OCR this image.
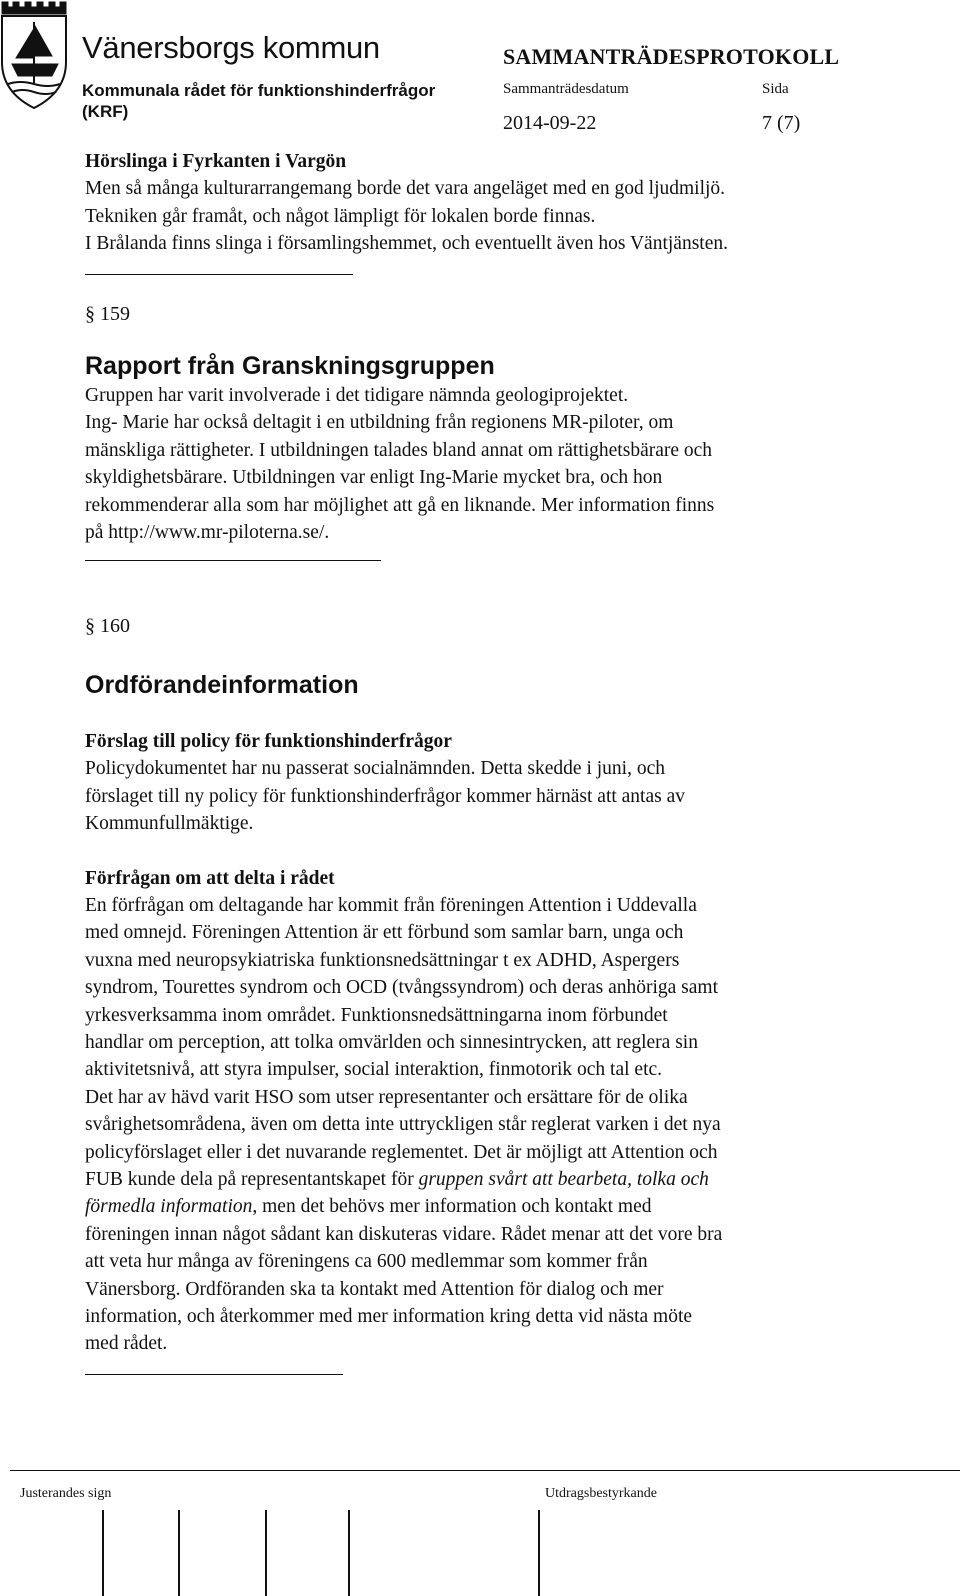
Vänersborgs kommun
Kommunala rådet för funktionshinderfrågor (KRF)
SAMMANTRÄDESPROTOKOLL
Sammanträdesdatum	Sida
2014-09-22	7 (7)

Hörslinga i Fyrkanten i Vargön

Men så många kulturarrangemang borde det vara angeläget med en god ljudmiljö.

Tekniken går framåt, och något lämpligt för lokalen borde finnas.

I Brålanda finns slinga i församlingshemmet, och eventuellt även hos Väntjänsten.

§ 159

Rapport från Granskningsgruppen

Gruppen har varit involverade i det tidigare nämnda geologiprojektet.

Ing- Marie har också deltagit i en utbildning från regionens MR-piloter, om

mänskliga rättigheter. I utbildningen talades bland annat om rättighetsbärare och

skyldighetsbärare. Utbildningen var enligt Ing-Marie mycket bra, och hon

rekommenderar alla som har möjlighet att gå en liknande. Mer information finns

på http://www.mr-piloterna.se/.

§ 160

Ordförandeinformation

Förslag till policy för funktionshinderfrågor

Policydokumentet har nu passerat socialnämnden. Detta skedde i juni, och

förslaget till ny policy för funktionshinderfrågor kommer härnäst att antas av

Kommunfullmäktige.

Förfrågan om att delta i rådet

En förfrågan om deltagande har kommit från föreningen Attention i Uddevalla

med omnejd. Föreningen Attention är ett förbund som samlar barn, unga och

vuxna med neuropsykiatriska funktionsnedsättningar t ex ADHD, Aspergers

syndrom, Tourettes syndrom och OCD (tvångssyndrom) och deras anhöriga samt

yrkesverksamma inom området. Funktionsnedsättningarna inom förbundet

handlar om perception, att tolka omvärlden och sinnesintrycken, att reglera sin

aktivitetsnivå, att styra impulser, social interaktion, finmotorik och tal etc.

Det har av hävd varit HSO som utser representanter och ersättare för de olika

svårighetsområdena, även om detta inte uttryckligen står reglerat varken i det nya

policyförslaget eller i det nuvarande reglementet. Det är möjligt att Attention och

FUB kunde dela på representantskapet för gruppen svårt att bearbeta, tolka och

förmedla information, men det behövs mer information och kontakt med

föreningen innan något sådant kan diskuteras vidare. Rådet menar att det vore bra

att veta hur många av föreningens ca 600 medlemmar som kommer från

Vänersborg. Ordföranden ska ta kontakt med Attention för dialog och mer

information, och återkommer med mer information kring detta vid nästa möte

med rådet.

Justerandes sign	Utdragsbestyrkande
